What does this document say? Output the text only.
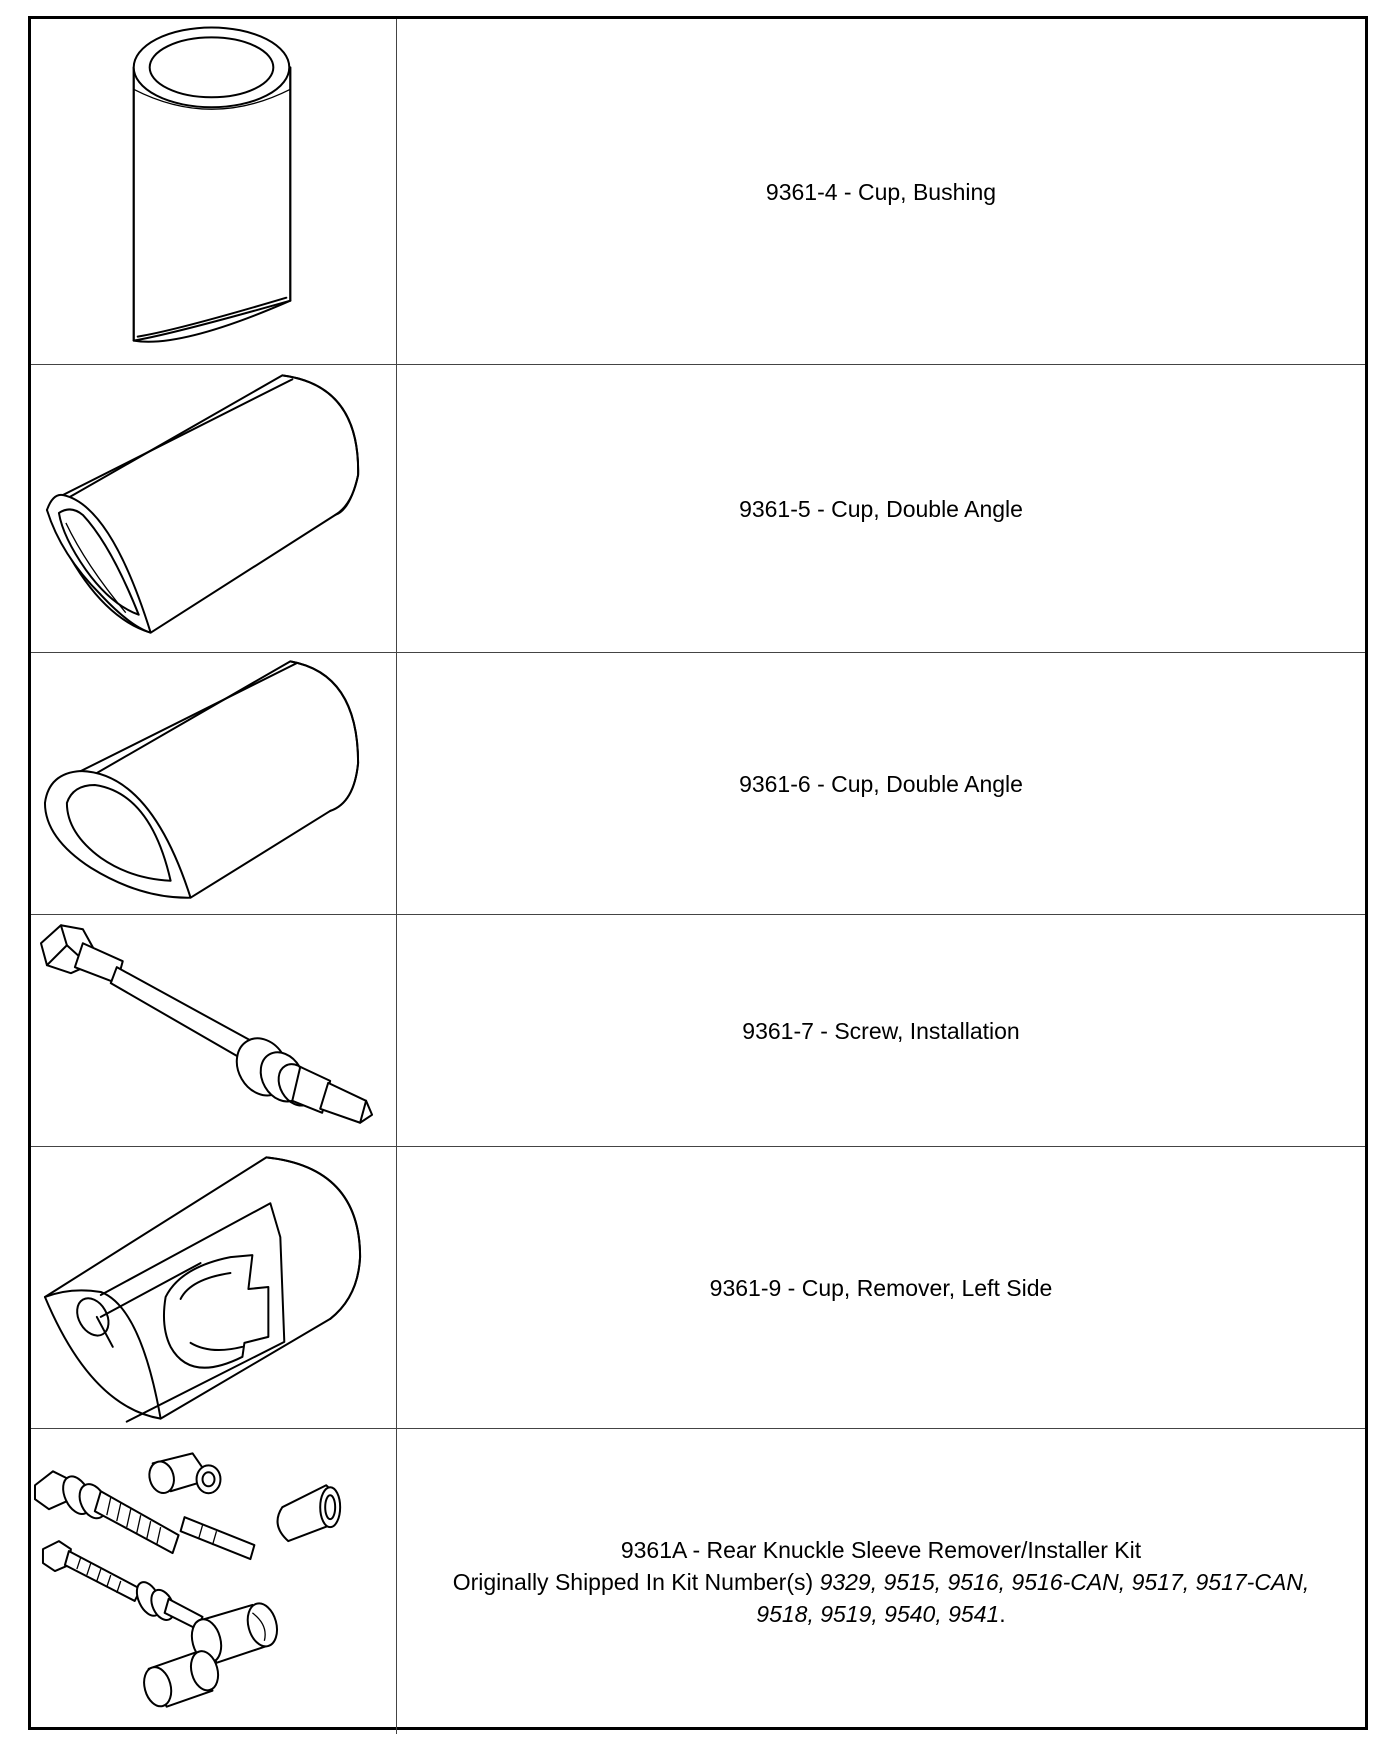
9361-4 - Cup, Bushing
9361-5 - Cup, Double Angle
9361-6 - Cup, Double Angle
9361-7 - Screw, Installation
9361-9 - Cup, Remover, Left Side
9361A - Rear Knuckle Sleeve Remover/Installer Kit
Originally Shipped In Kit Number(s) 9329, 9515, 9516, 9516-CAN, 9517, 9517-CAN,
9518, 9519, 9540, 9541.
